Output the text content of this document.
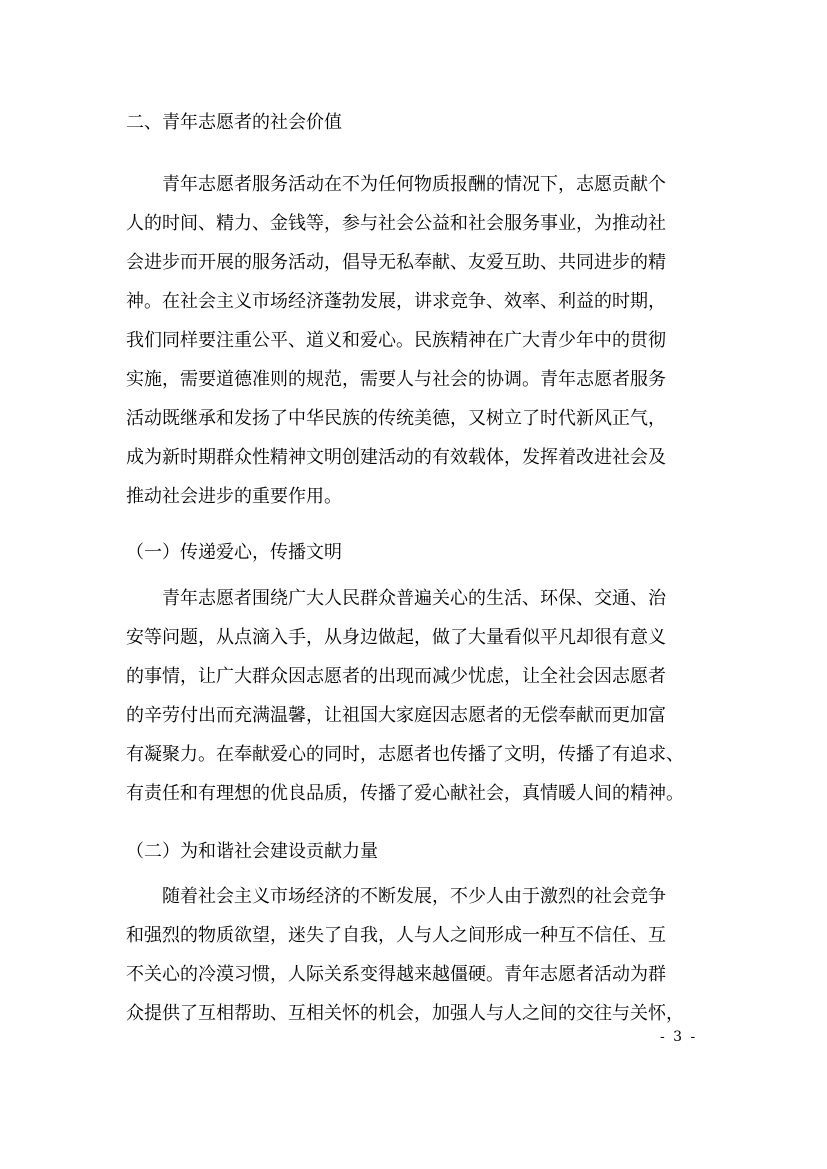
二、青年志愿者的社会价值
青年志愿者服务活动在不为任何物质报酬的情况下，志愿贡献个
人的时间、精力、金钱等，参与社会公益和社会服务事业，为推动社
会进步而开展的服务活动，倡导无私奉献、友爱互助、共同进步的精
神。在社会主义市场经济蓬勃发展，讲求竞争、效率、利益的时期，
我们同样要注重公平、道义和爱心。民族精神在广大青少年中的贯彻
实施，需要道德准则的规范，需要人与社会的协调。青年志愿者服务
活动既继承和发扬了中华民族的传统美德，又树立了时代新风正气，
成为新时期群众性精神文明创建活动的有效载体，发挥着改进社会及
推动社会进步的重要作用。
（一）传递爱心，传播文明
青年志愿者围绕广大人民群众普遍关心的生活、环保、交通、治
安等问题，从点滴入手，从身边做起，做了大量看似平凡却很有意义
的事情，让广大群众因志愿者的出现而减少忧虑，让全社会因志愿者
的辛劳付出而充满温馨，让祖国大家庭因志愿者的无偿奉献而更加富
有凝聚力。在奉献爱心的同时，志愿者也传播了文明，传播了有追求、
有责任和有理想的优良品质，传播了爱心献社会，真情暖人间的精神。
（二）为和谐社会建设贡献力量
随着社会主义市场经济的不断发展，不少人由于激烈的社会竞争
和强烈的物质欲望，迷失了自我，人与人之间形成一种互不信任、互
不关心的冷漠习惯，人际关系变得越来越僵硬。青年志愿者活动为群
众提供了互相帮助、互相关怀的机会，加强人与人之间的交往与关怀，
- 3 -
